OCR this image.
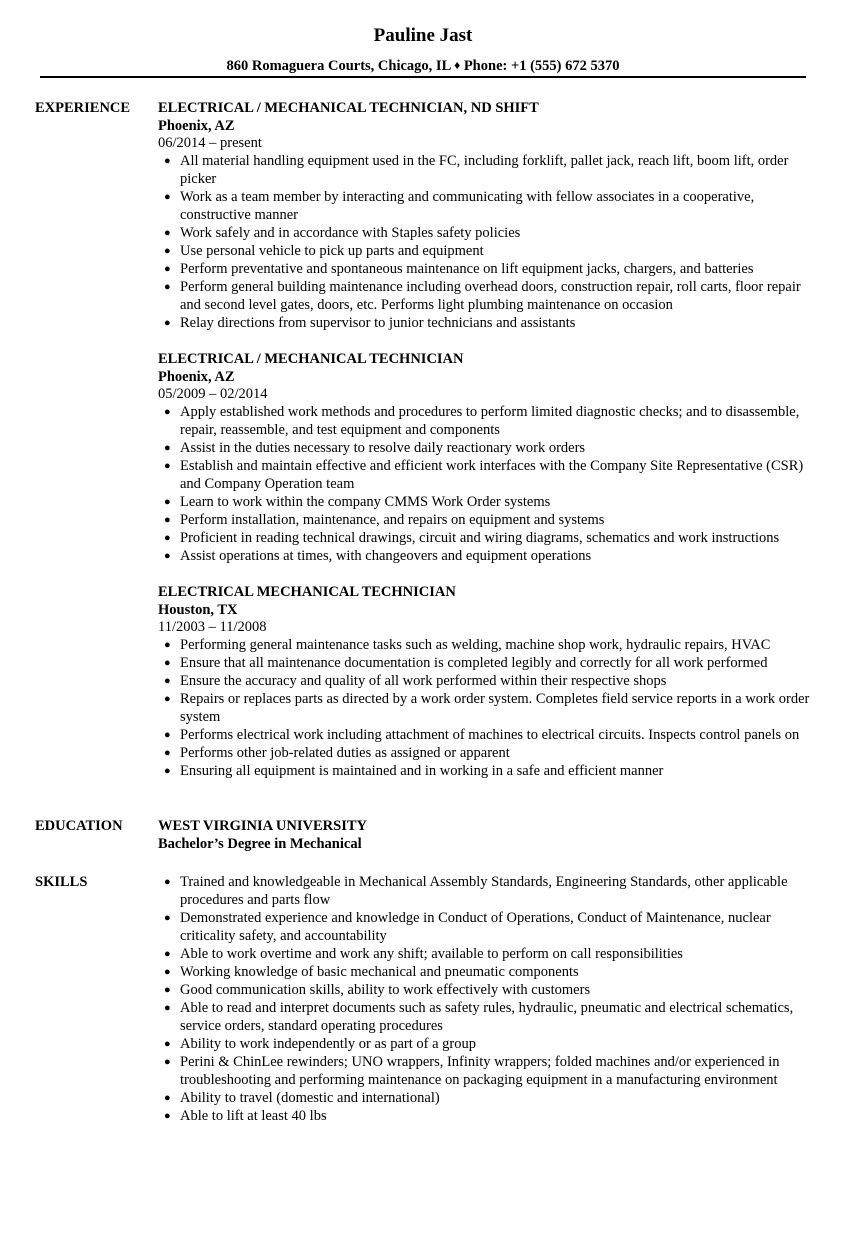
Pauline Jast
860 Romaguera Courts, Chicago, IL ♦ Phone: +1 (555) 672 5370
EXPERIENCE ELECTRICAL / MECHANICAL TECHNICIAN, ND SHIFT
Phoenix, AZ
06/2014 – present
● All material handling equipment used in the FC, including forklift, pallet jack, reach lift, boom lift, order picker
● Work as a team member by interacting and communicating with fellow associates in a cooperative, constructive manner
● Work safely and in accordance with Staples safety policies
● Use personal vehicle to pick up parts and equipment
● Perform preventative and spontaneous maintenance on lift equipment jacks, chargers, and batteries
● Perform general building maintenance including overhead doors, construction repair, roll carts, floor repair and second level gates, doors, etc. Performs light plumbing maintenance on occasion
● Relay directions from supervisor to junior technicians and assistants
ELECTRICAL / MECHANICAL TECHNICIAN
Phoenix, AZ
05/2009 – 02/2014
● Apply established work methods and procedures to perform limited diagnostic checks; and to disassemble, repair, reassemble, and test equipment and components
● Assist in the duties necessary to resolve daily reactionary work orders
● Establish and maintain effective and efficient work interfaces with the Company Site Representative (CSR) and Company Operation team
● Learn to work within the company CMMS Work Order systems
● Perform installation, maintenance, and repairs on equipment and systems
● Proficient in reading technical drawings, circuit and wiring diagrams, schematics and work instructions
● Assist operations at times, with changeovers and equipment operations
ELECTRICAL MECHANICAL TECHNICIAN
Houston, TX
11/2003 – 11/2008
● Performing general maintenance tasks such as welding, machine shop work, hydraulic repairs, HVAC
● Ensure that all maintenance documentation is completed legibly and correctly for all work performed
● Ensure the accuracy and quality of all work performed within their respective shops
● Repairs or replaces parts as directed by a work order system. Completes field service reports in a work order system
● Performs electrical work including attachment of machines to electrical circuits. Inspects control panels on
● Performs other job-related duties as assigned or apparent
● Ensuring all equipment is maintained and in working in a safe and efficient manner
EDUCATION WEST VIRGINIA UNIVERSITY
Bachelor’s Degree in Mechanical
SKILLS	● Trained and knowledgeable in Mechanical Assembly Standards, Engineering Standards, other applicable procedures and parts flow
● Demonstrated experience and knowledge in Conduct of Operations, Conduct of Maintenance, nuclear criticality safety, and accountability
● Able to work overtime and work any shift; available to perform on call responsibilities
● Working knowledge of basic mechanical and pneumatic components
● Good communication skills, ability to work effectively with customers
● Able to read and interpret documents such as safety rules, hydraulic, pneumatic and electrical schematics, service orders, standard operating procedures
● Ability to work independently or as part of a group
● Perini & ChinLee rewinders; UNO wrappers, Infinity wrappers; folded machines and/or experienced in troubleshooting and performing maintenance on packaging equipment in a manufacturing environment
● Ability to travel (domestic and international)
● Able to lift at least 40 lbs
